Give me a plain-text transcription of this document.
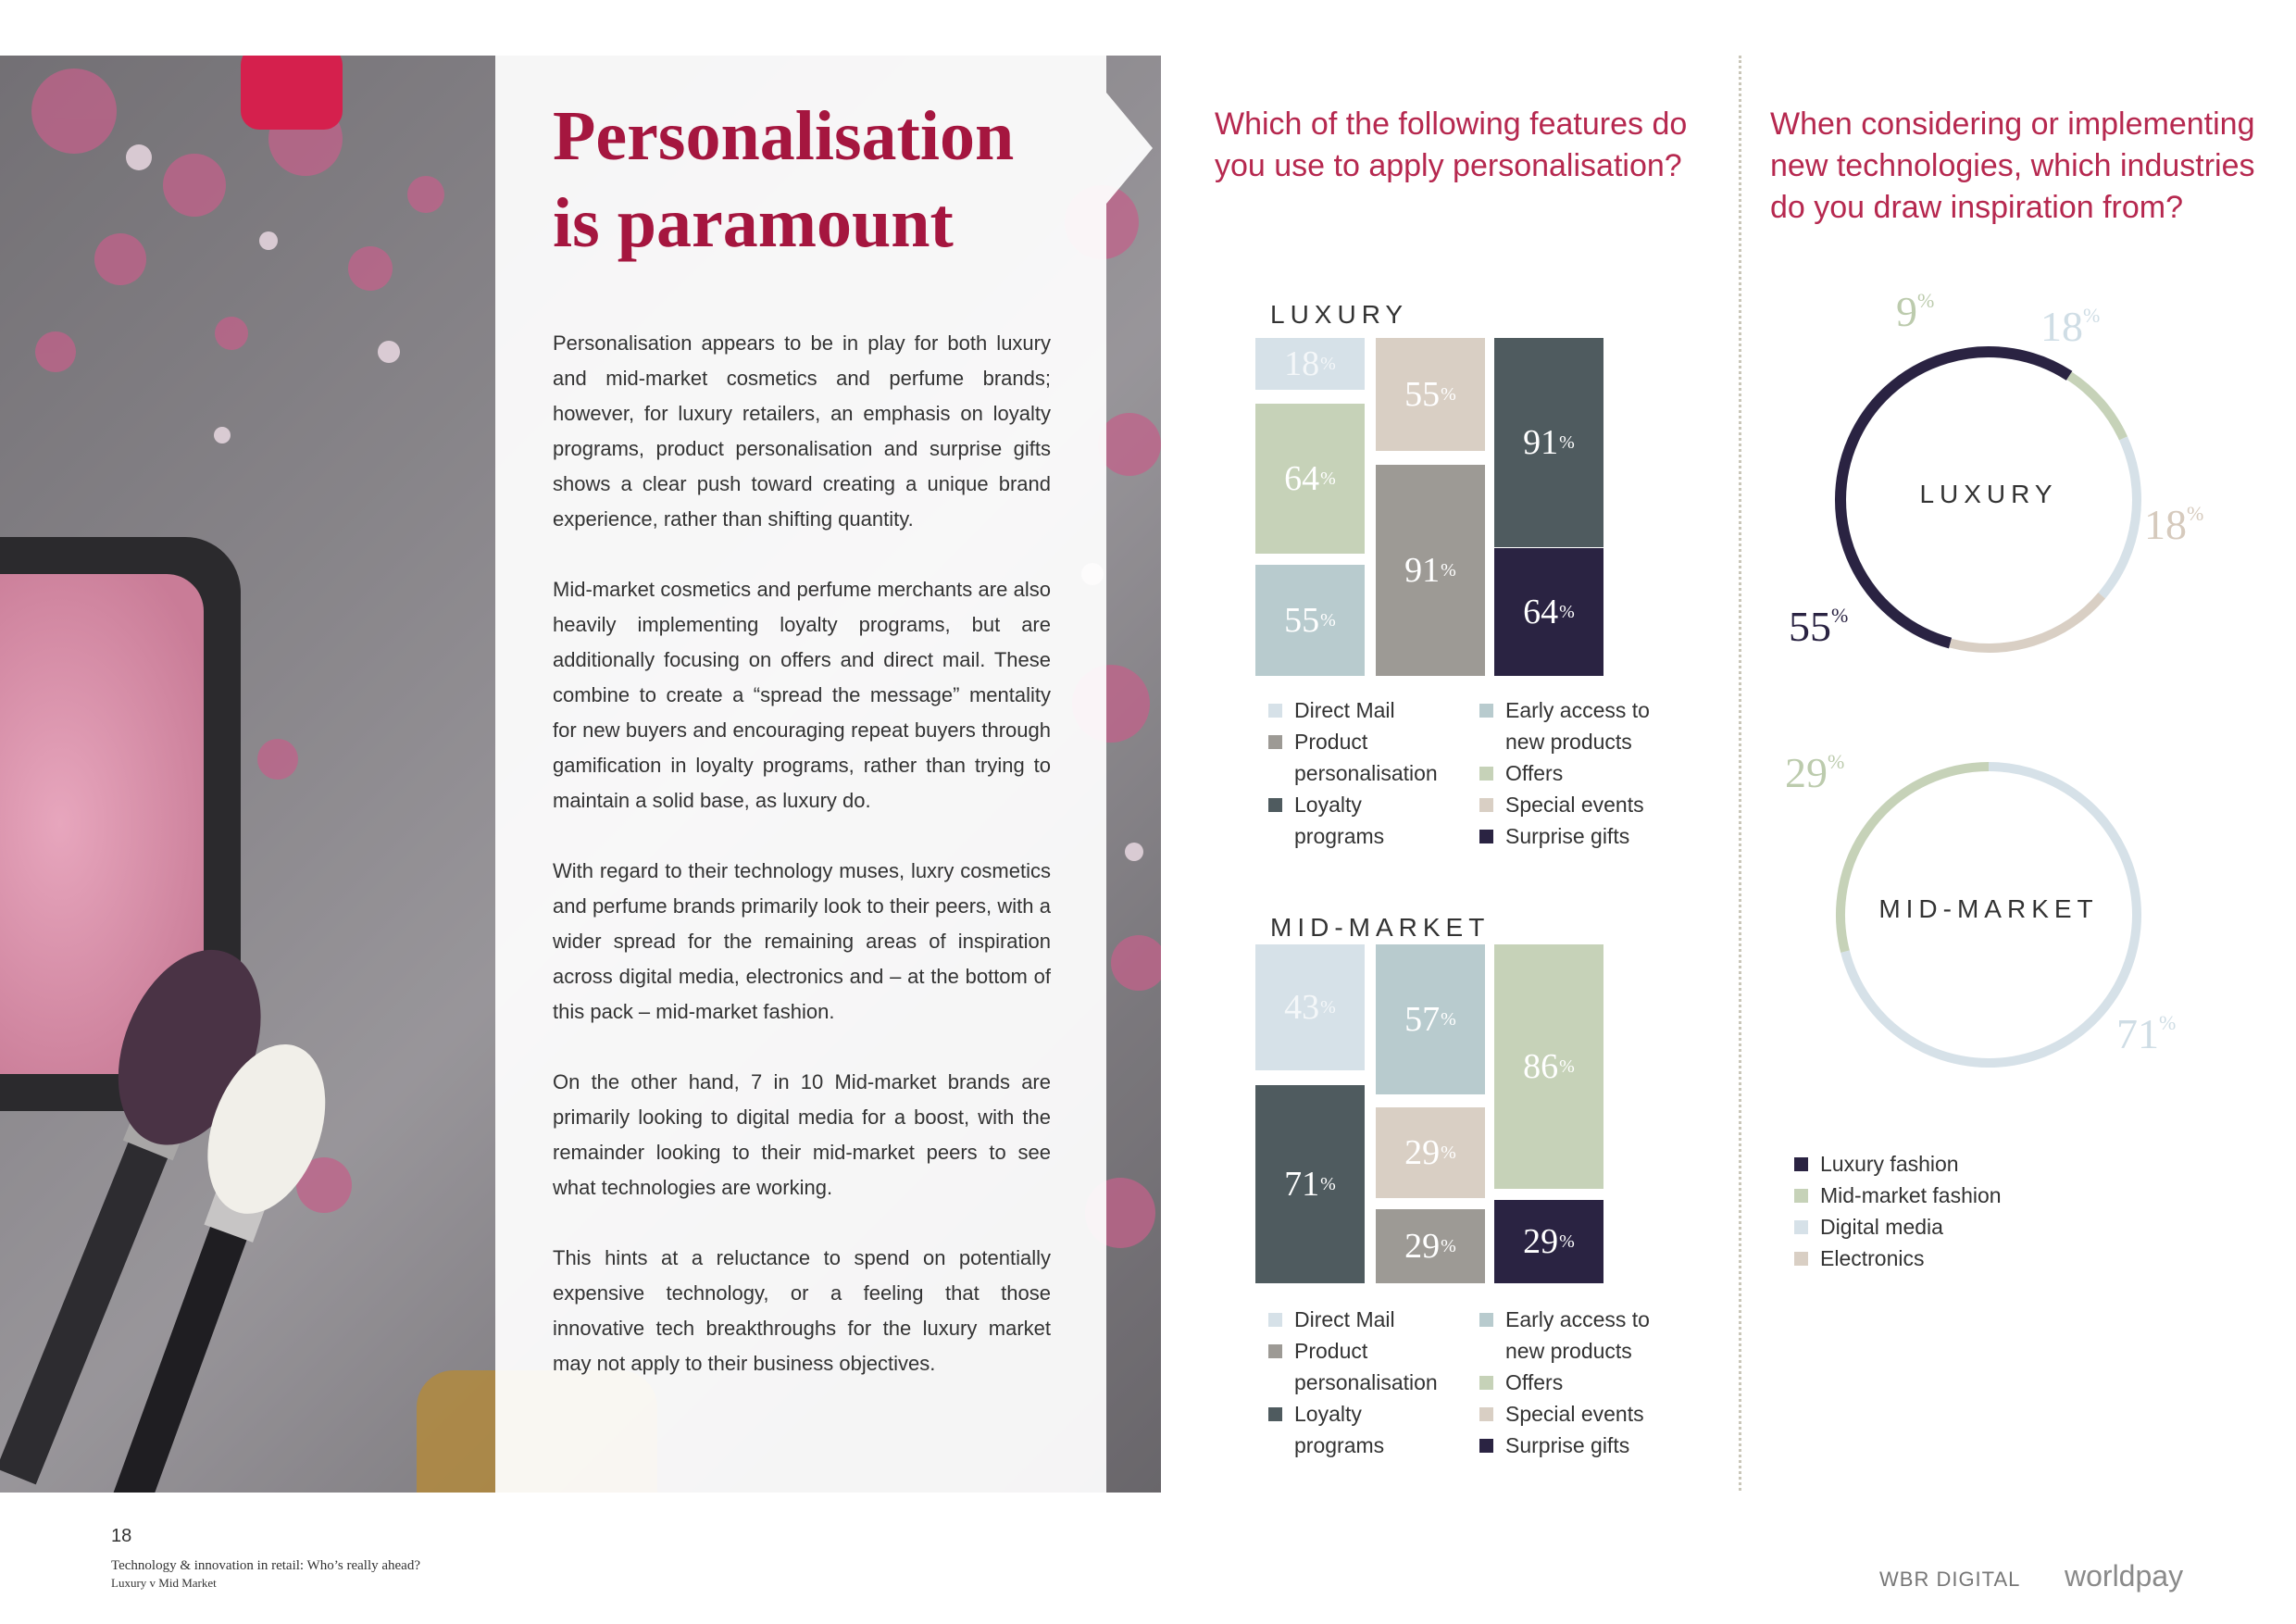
Personalisation
is paramount

Personalisation appears to be in play for both luxury and mid-market cosmetics and perfume brands; however, for luxury retailers, an emphasis on loyalty programs, product personalisation and surprise gifts shows a clear push toward creating a unique brand experience, rather than shifting quantity.

Mid-market cosmetics and perfume merchants are also heavily implementing loyalty programs, but are additionally focusing on offers and direct mail. These combine to create a “spread the message” mentality for new buyers and encouraging repeat buyers through gamification in loyalty programs, rather than trying to maintain a solid base, as luxury do.

With regard to their technology muses, luxry cosmetics and perfume brands primarily look to their peers, with a wider spread for the remaining areas of inspiration across digital media, electronics and – at the bottom of this pack – mid-market fashion.

On the other hand, 7 in 10 Mid-market brands are primarily looking to digital media for a boost, with the remainder looking to their mid-market peers to see what technologies are working.

This hints at a reluctance to spend on potentially expensive technology, or a feeling that those innovative tech breakthroughs for the luxury market may not apply to their business objectives.

Which of the following features do you use to apply personalisation?
LUXURY
Direct Mail
Product
personalisation
Loyalty
programs
Early access to
new products
Offers
Special events
Surprise gifts
MID-MARKET
Direct Mail
Product
personalisation
Loyalty
programs
Early access to
new products
Offers
Special events
Surprise gifts
When considering or implementing new technologies, which industries do you draw inspiration from?
LUXURY
MID-MARKET
Luxury fashion
Mid-market fashion
Digital media
Electronics
18
Technology & innovation in retail: Who’s really ahead?
Luxury v Mid Market	WBR DIGITAL worldpay
18 %
64 %
55 %
55 %
91 %
91 %
64 %
43 %
71 %
57 %
29 %
29 %
86 %
29 %
55%
9%
18%
18%
29%
71%
